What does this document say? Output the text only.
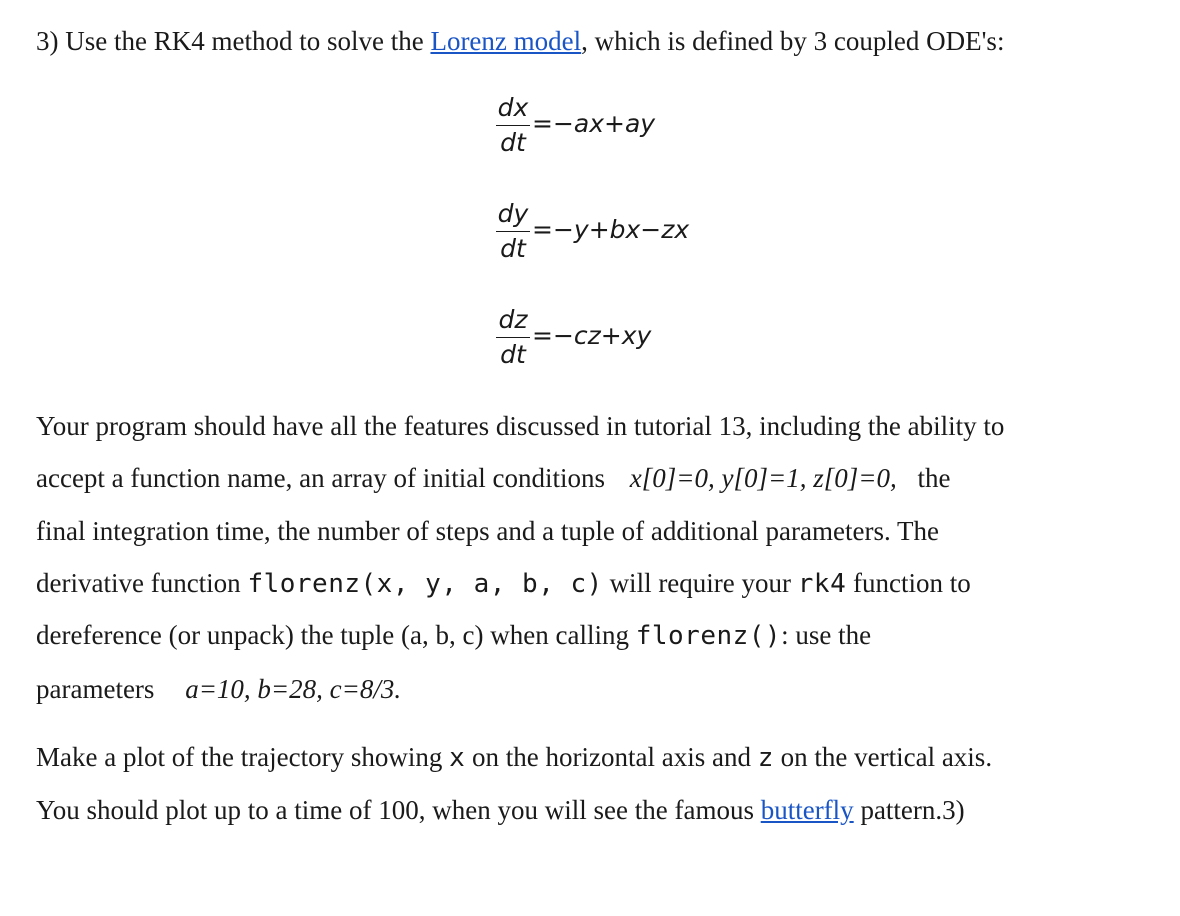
3) Use the RK4 method to solve the Lorenz model, which is defined by 3 coupled ODE's:
$\frac{dx}{dt} =-ax+ay$
$\frac{dy}{dt} =-y+bx-zx$
$\frac{dz}{dt} =-cz+xy$
Your program should have all the features discussed in tutorial 13, including the ability to
accept a function name, an array of initial conditions x[0]=0, y[0]=1, z[0]=0, the
final integration time, the number of steps and a tuple of additional parameters. The
derivative function florenz(x, y, a, b, c) will require your rk4 function to
dereference (or unpack) the tuple (a, b, c) when calling florenz(): use the
parameters a=10, b=28, c=8/3.
Make a plot of the trajectory showing x on the horizontal axis and z on the vertical axis.
You should plot up to a time of 100, when you will see the famous butterfly pattern.3)
